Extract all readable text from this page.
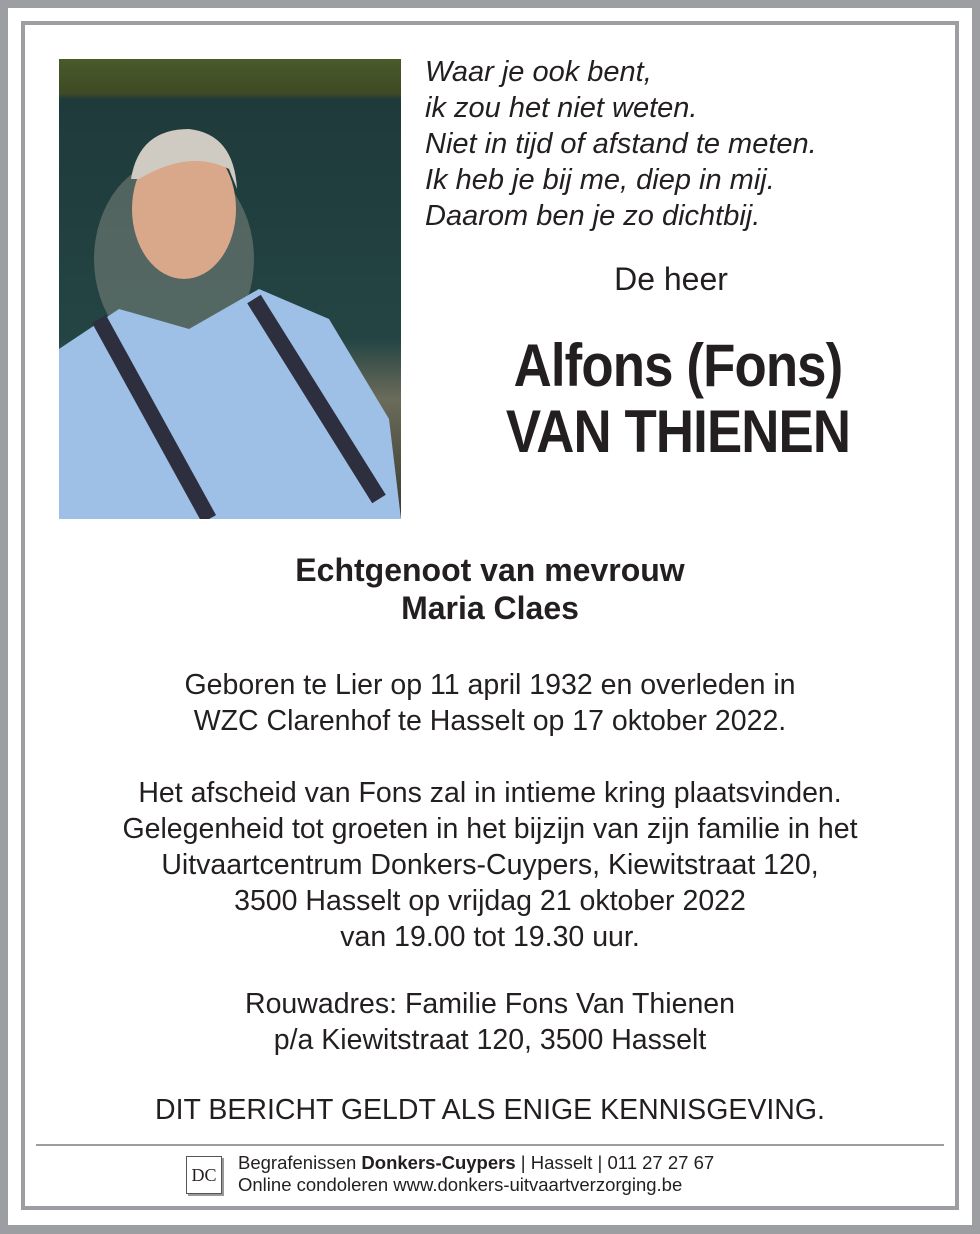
Waar je ook bent,
ik zou het niet weten.
Niet in tijd of afstand te meten.
Ik heb je bij me, diep in mij.
Daarom ben je zo dichtbij.
De heer
Alfons (Fons)
VAN THIENEN
Echtgenoot van mevrouw
Maria Claes
Geboren te Lier op 11 april 1932 en overleden in
WZC Clarenhof te Hasselt op 17 oktober 2022.
Het afscheid van Fons zal in intieme kring plaatsvinden.
Gelegenheid tot groeten in het bijzijn van zijn familie in het
Uitvaartcentrum Donkers-Cuypers, Kiewitstraat 120,
3500 Hasselt op vrijdag 21 oktober 2022
van 19.00 tot 19.30 uur.
Rouwadres: Familie Fons Van Thienen
p/a Kiewitstraat 120, 3500 Hasselt
DIT BERICHT GELDT ALS ENIGE KENNISGEVING.
DC
Begrafenissen Donkers-Cuypers | Hasselt | 011 27 27 67
Online condoleren www.donkers-uitvaartverzorging.be
